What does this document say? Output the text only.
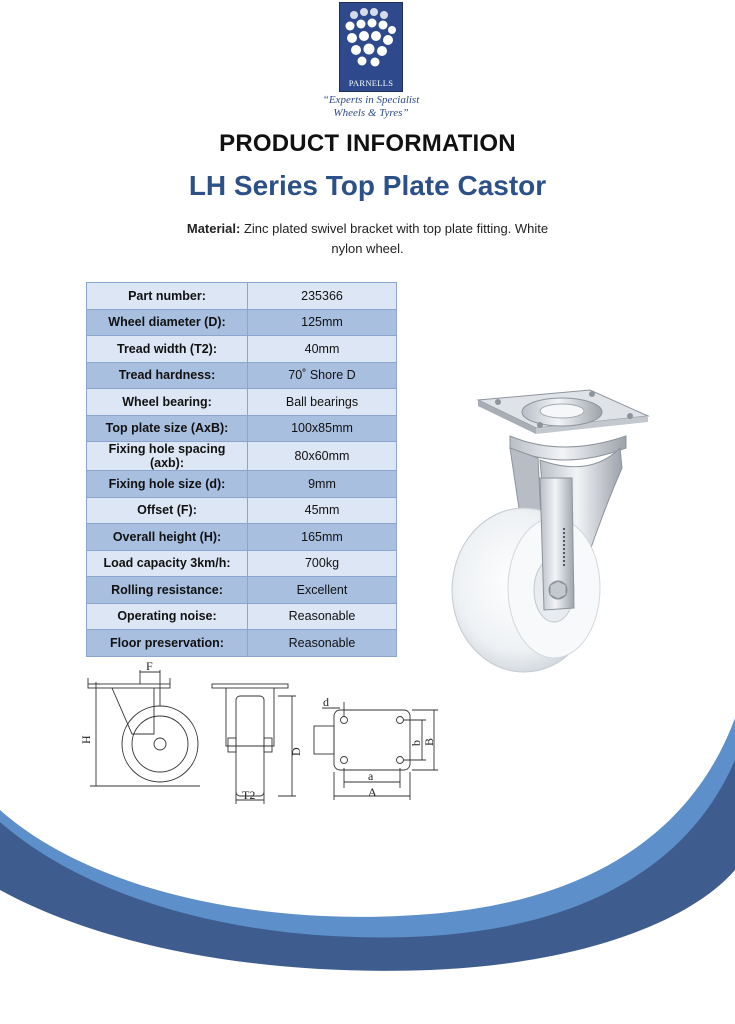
PARNELLS
“Experts in Specialist
Wheels & Tyres”
PRODUCT INFORMATION
LH Series Top Plate Castor
Material: Zinc plated swivel bracket with top plate fitting. White nylon wheel.
Part number:	235366
Wheel diameter (D):	125mm
Tread width (T2):	40mm
Tread hardness:	70˚ Shore D
Wheel bearing:	Ball bearings
Top plate size (AxB):	100x85mm
Fixing hole spacing (axb):	80x60mm
Fixing hole size (d):	9mm
Offset (F):	45mm
Overall height (H):	165mm
Load capacity 3km/h:	700kg
Rolling resistance:	Excellent
Operating noise:	Reasonable
Floor preservation:	Reasonable
F
H
D
T2
d
a
A
b B
